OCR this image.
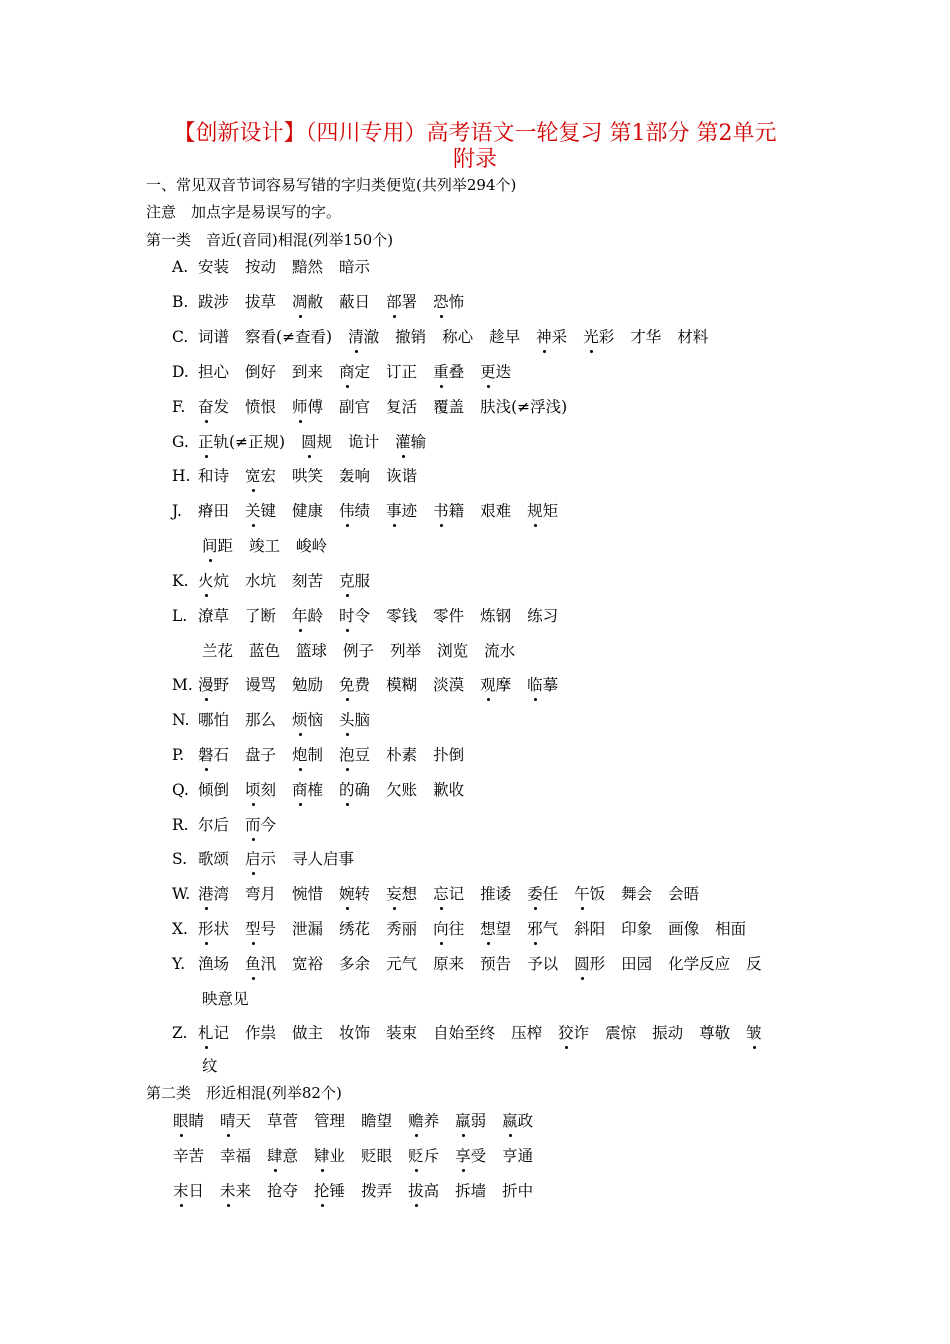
【创新设计】（四川专用）高考语文一轮复习 第1部分 第2单元
附录
一、常见双音节词容易写错的字归类便览(共列举294个)
注意　加点字是易误写的字。
第一类　音近(音同)相混(列举150个)
A. 安装 按动 黯然 暗示
B. 跋涉 拔草 凋敝 蔽日 部署 恐怖
C. 词谱 察看(≠查看) 清澈 撤销 称心 趁早 神采 光彩 才华 材料
D. 担心 倒好 到来 商定 订正 重叠 更迭
F. 奋发 愤恨 师傅 副官 复活 覆盖 肤浅(≠浮浅)
G. 正轨(≠正规) 圆规 诡计 灌输
H. 和诗 宽宏 哄笑 轰响 诙谐
J. 瘠田 关键 健康 伟绩 事迹 书籍 艰难 规矩
间距 竣工 峻岭
K. 火炕 水坑 刻苦 克服
L. 潦草 了断 年龄 时令 零钱 零件 炼钢 练习
兰花 蓝色 篮球 例子 列举 浏览 流水
M. 漫野 谩骂 勉励 免费 模糊 淡漠 观摩 临摹
N. 哪怕 那么 烦恼 头脑
P. 磐石 盘子 炮制 泡豆 朴素 扑倒
Q. 倾倒 顷刻 商榷 的确 欠账 歉收
R. 尔后 而今
S. 歌颂 启示 寻人启事
W. 港湾 弯月 惋惜 婉转 妄想 忘记 推诿 委任 午饭 舞会 会晤
X. 形状 型号 泄漏 绣花 秀丽 向往 想望 邪气 斜阳 印象 画像 相面
Y. 渔场 鱼汛 宽裕 多余 元气 原来 预告 予以 圆形 田园 化学反应 反
映意见
Z. 札记 作祟 做主 妆饰 装束 自始至终 压榨 狡诈 震惊 振动 尊敬 皱
纹
第二类　形近相混(列举82个)
眼睛 晴天 草菅 管理 瞻望 赡养 羸弱 嬴政
辛苦 幸福 肆意 肄业 贬眼 贬斥 享受 亨通
末日 未来 抢夺 抡锤 拨弄 拔高 拆墙 折中
